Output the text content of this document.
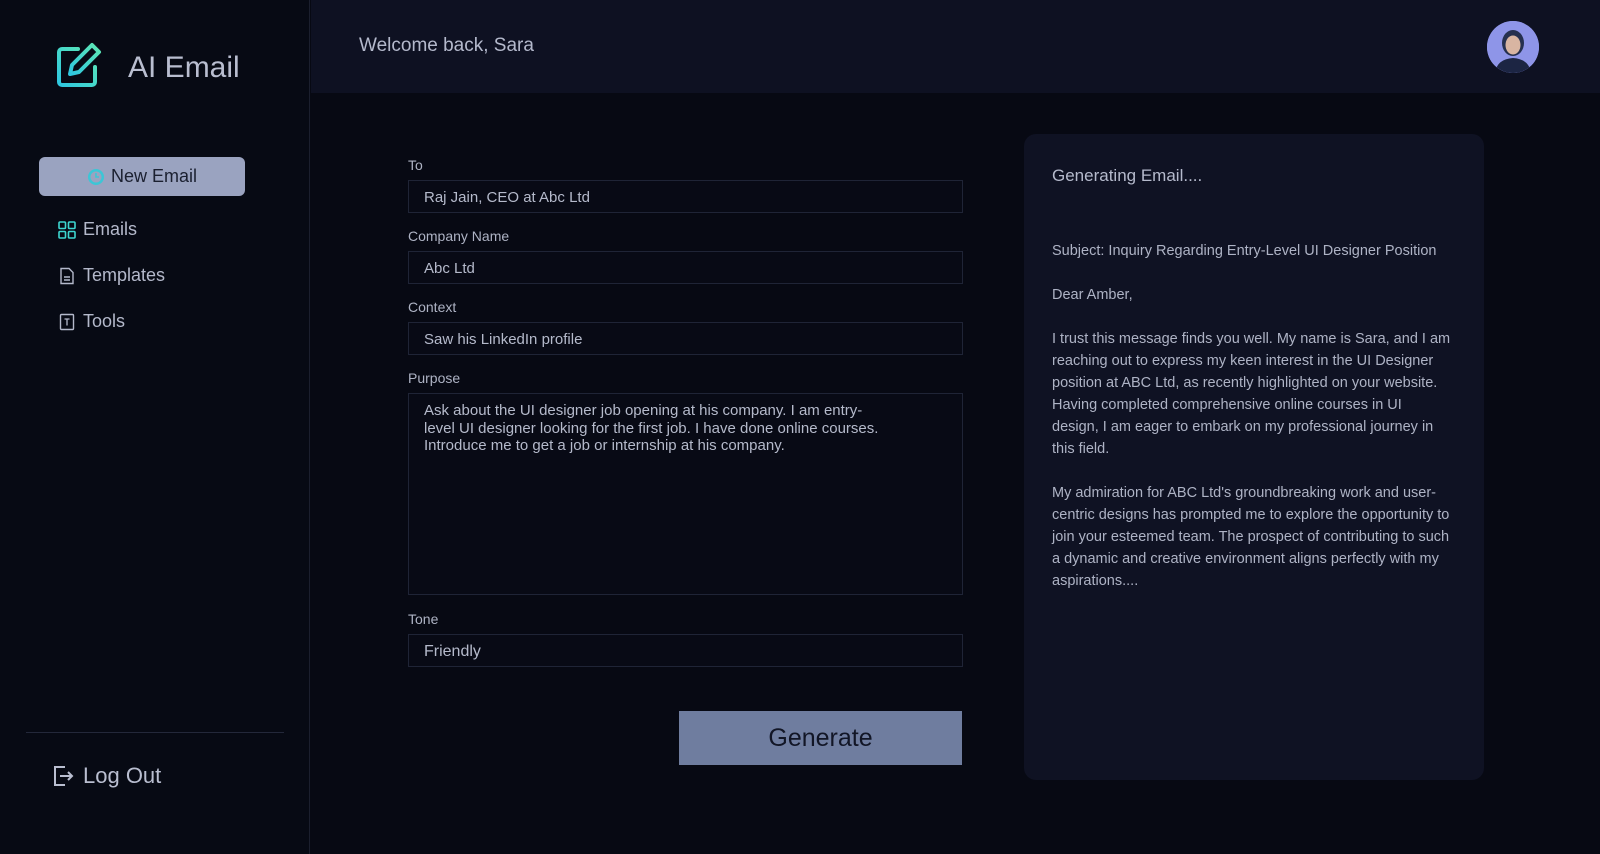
AI Email
New Email
Emails
Templates
Tools
Log Out
Welcome back, Sara
To
Raj Jain, CEO at Abc Ltd
Company Name
Abc Ltd
Context
Saw his LinkedIn profile
Purpose
Ask about the UI designer job opening at his company. I am entry-
level UI designer looking for the first job. I have done online courses.
Introduce me to get a job or internship at his company.
Tone
Friendly
Generate
Generating Email....

Subject: Inquiry Regarding Entry-Level UI Designer Position

Dear Amber,

I trust this message finds you well. My name is Sara, and I am reaching out to express my keen interest in the UI Designer position at ABC Ltd, as recently highlighted on your website. Having completed comprehensive online courses in UI design, I am eager to embark on my professional journey in this field.

My admiration for ABC Ltd's groundbreaking work and user-centric designs has prompted me to explore the opportunity to join your esteemed team. The prospect of contributing to such a dynamic and creative environment aligns perfectly with my aspirations....
